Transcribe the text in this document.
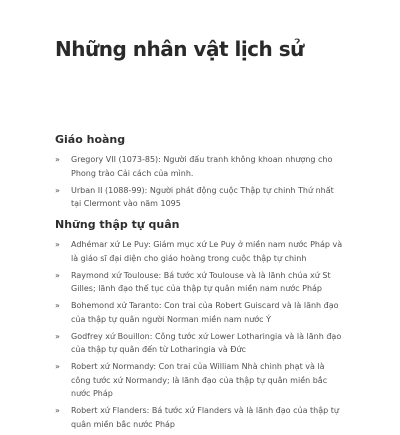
Những nhân vật lịch sử
Giáo hoàng
» Gregory VII (1073-85): Người đấu tranh không khoan nhượng cho Phong trào Cải cách của mình.
» Urban II (1088-99): Người phát động cuộc Thập tự chinh Thứ nhất tại Clermont vào năm 1095
Những thập tự quân
» Adhémar xứ Le Puy: Giám mục xứ Le Puy ở miền nam nước Pháp và là giáo sĩ đại diện cho giáo hoàng trong cuộc thập tự chinh
» Raymond xứ Toulouse: Bá tước xứ Toulouse và là lãnh chúa xứ St Gilles; lãnh đạo thế tục của thập tự quân miền nam nước Pháp
» Bohemond xứ Taranto: Con trai của Robert Guiscard và là lãnh đạo của thập tự quân người Norman miền nam nước Ý
» Godfrey xứ Bouillon: Công tước xứ Lower Lotharingia và là lãnh đạo của thập tự quân đến từ Lotharingia và Đức
» Robert xứ Normandy: Con trai của William Nhà chinh phạt và là công tước xứ Normandy; là lãnh đạo của thập tự quân miền bắc nước Pháp
» Robert xứ Flanders: Bá tước xứ Flanders và là lãnh đạo của thập tự quân miền bắc nước Pháp
